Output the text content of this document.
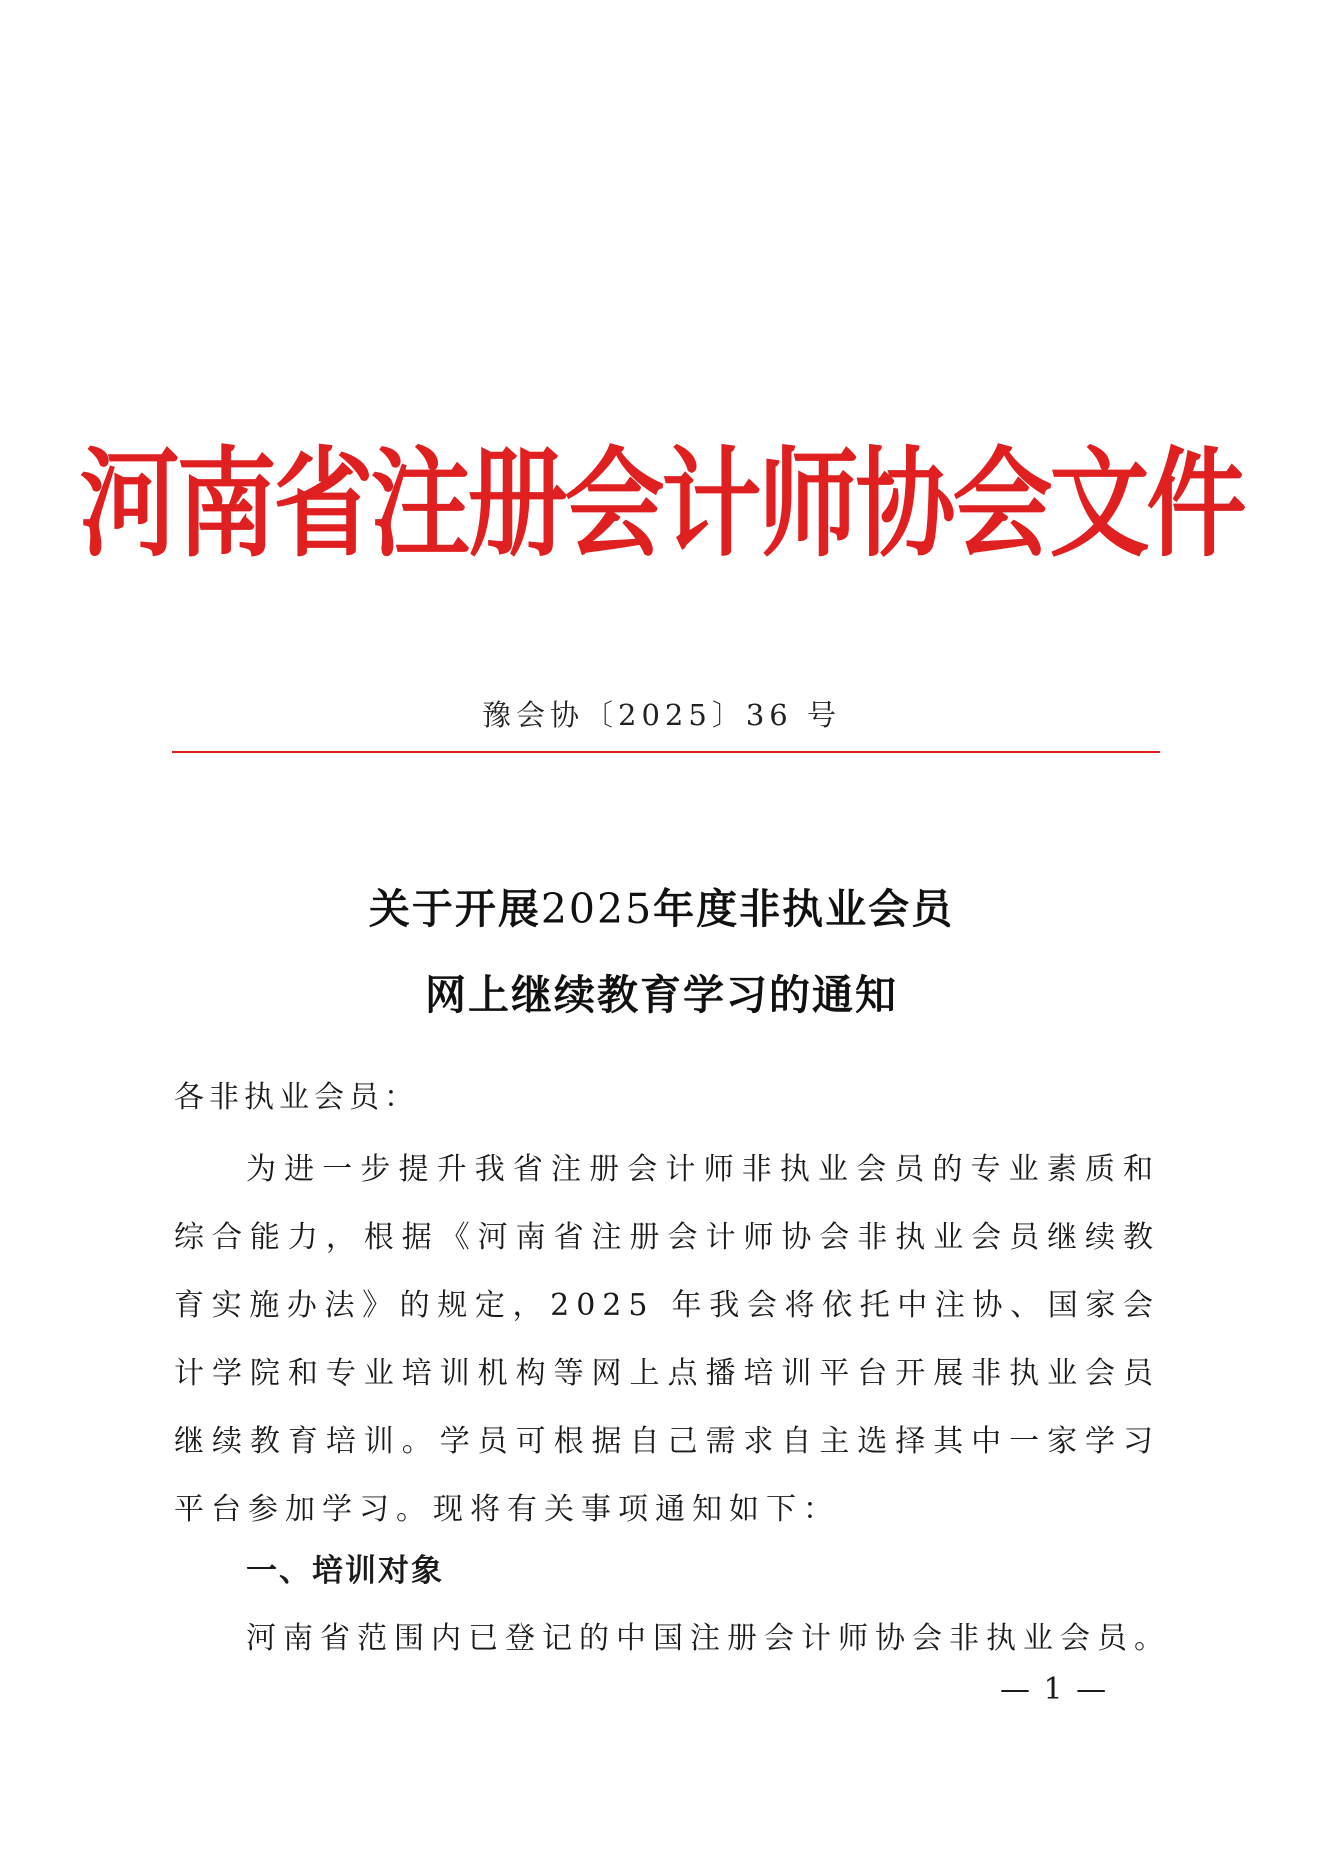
河南省注册会计师协会文件
豫会协〔2025〕36 号
关于开展2025年度非执业会员
网上继续教育学习的通知
各非执业会员：
为进一步提升我省注册会计师非执业会员的专业素质和综合能力，根据《河南省注册会计师协会非执业会员继续教育实施办法》的规定，2025 年我会将依托中注协、国家会计学院和专业培训机构等网上点播培训平台开展非执业会员继续教育培训。学员可根据自己需求自主选择其中一家学习平台参加学习。现将有关事项通知如下：
一、培训对象
河南省范围内已登记的中国注册会计师协会非执业会员。
— 1 —
